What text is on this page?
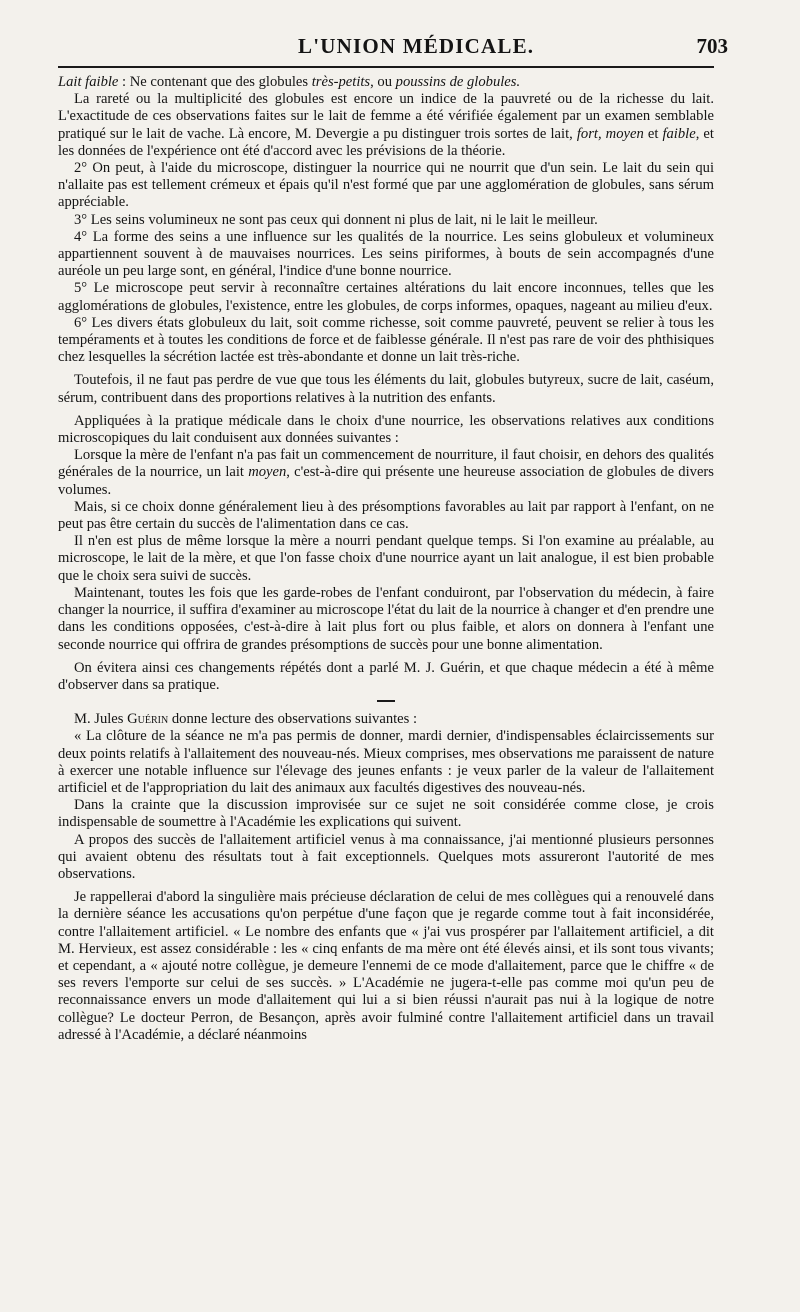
L'UNION MÉDICALE.	703

Lait faible : Ne contenant que des globules très-petits, ou poussins de globules.

La rareté ou la multiplicité des globules est encore un indice de la pauvreté ou de la richesse du lait. L'exactitude de ces observations faites sur le lait de femme a été vérifiée également par un examen semblable pratiqué sur le lait de vache. Là encore, M. Devergie a pu distinguer trois sortes de lait, fort, moyen et faible, et les données de l'expérience ont été d'accord avec les prévisions de la théorie.

2° On peut, à l'aide du microscope, distinguer la nourrice qui ne nourrit que d'un sein. Le lait du sein qui n'allaite pas est tellement crémeux et épais qu'il n'est formé que par une agglomération de globules, sans sérum appréciable.

3° Les seins volumineux ne sont pas ceux qui donnent ni plus de lait, ni le lait le meilleur.

4° La forme des seins a une influence sur les qualités de la nourrice. Les seins globuleux et volumineux appartiennent souvent à de mauvaises nourrices. Les seins piriformes, à bouts de sein accompagnés d'une auréole un peu large sont, en général, l'indice d'une bonne nourrice.

5° Le microscope peut servir à reconnaître certaines altérations du lait encore inconnues, telles que les agglomérations de globules, l'existence, entre les globules, de corps informes, opaques, nageant au milieu d'eux.

6° Les divers états globuleux du lait, soit comme richesse, soit comme pauvreté, peuvent se relier à tous les tempéraments et à toutes les conditions de force et de faiblesse générale. Il n'est pas rare de voir des phthisiques chez lesquelles la sécrétion lactée est très-abondante et donne un lait très-riche.

Toutefois, il ne faut pas perdre de vue que tous les éléments du lait, globules butyreux, sucre de lait, caséum, sérum, contribuent dans des proportions relatives à la nutrition des enfants.

Appliquées à la pratique médicale dans le choix d'une nourrice, les observations relatives aux conditions microscopiques du lait conduisent aux données suivantes :

Lorsque la mère de l'enfant n'a pas fait un commencement de nourriture, il faut choisir, en dehors des qualités générales de la nourrice, un lait moyen, c'est-à-dire qui présente une heureuse association de globules de divers volumes.

Mais, si ce choix donne généralement lieu à des présomptions favorables au lait par rapport à l'enfant, on ne peut pas être certain du succès de l'alimentation dans ce cas.

Il n'en est plus de même lorsque la mère a nourri pendant quelque temps. Si l'on examine au préalable, au microscope, le lait de la mère, et que l'on fasse choix d'une nourrice ayant un lait analogue, il est bien probable que le choix sera suivi de succès.

Maintenant, toutes les fois que les garde-robes de l'enfant conduiront, par l'observation du médecin, à faire changer la nourrice, il suffira d'examiner au microscope l'état du lait de la nourrice à changer et d'en prendre une dans les conditions opposées, c'est-à-dire à lait plus fort ou plus faible, et alors on donnera à l'enfant une seconde nourrice qui offrira de grandes présomptions de succès pour une bonne alimentation.

On évitera ainsi ces changements répétés dont a parlé M. J. Guérin, et que chaque médecin a été à même d'observer dans sa pratique.

M. Jules Guérin donne lecture des observations suivantes :

« La clôture de la séance ne m'a pas permis de donner, mardi dernier, d'indispensables éclaircissements sur deux points relatifs à l'allaitement des nouveau-nés. Mieux comprises, mes observations me paraissent de nature à exercer une notable influence sur l'élevage des jeunes enfants : je veux parler de la valeur de l'allaitement artificiel et de l'appropriation du lait des animaux aux facultés digestives des nouveau-nés.

Dans la crainte que la discussion improvisée sur ce sujet ne soit considérée comme close, je crois indispensable de soumettre à l'Académie les explications qui suivent.

A propos des succès de l'allaitement artificiel venus à ma connaissance, j'ai mentionné plusieurs personnes qui avaient obtenu des résultats tout à fait exceptionnels. Quelques mots assureront l'autorité de mes observations.

Je rappellerai d'abord la singulière mais précieuse déclaration de celui de mes collègues qui a renouvelé dans la dernière séance les accusations qu'on perpétue d'une façon que je regarde comme tout à fait inconsidérée, contre l'allaitement artificiel. « Le nombre des enfants que « j'ai vus prospérer par l'allaitement artificiel, a dit M. Hervieux, est assez considérable : les « cinq enfants de ma mère ont été élevés ainsi, et ils sont tous vivants; et cependant, a « ajouté notre collègue, je demeure l'ennemi de ce mode d'allaitement, parce que le chiffre « de ses revers l'emporte sur celui de ses succès. » L'Académie ne jugera-t-elle pas comme moi qu'un peu de reconnaissance envers un mode d'allaitement qui lui a si bien réussi n'aurait pas nui à la logique de notre collègue? Le docteur Perron, de Besançon, après avoir fulminé contre l'allaitement artificiel dans un travail adressé à l'Académie, a déclaré néanmoins
